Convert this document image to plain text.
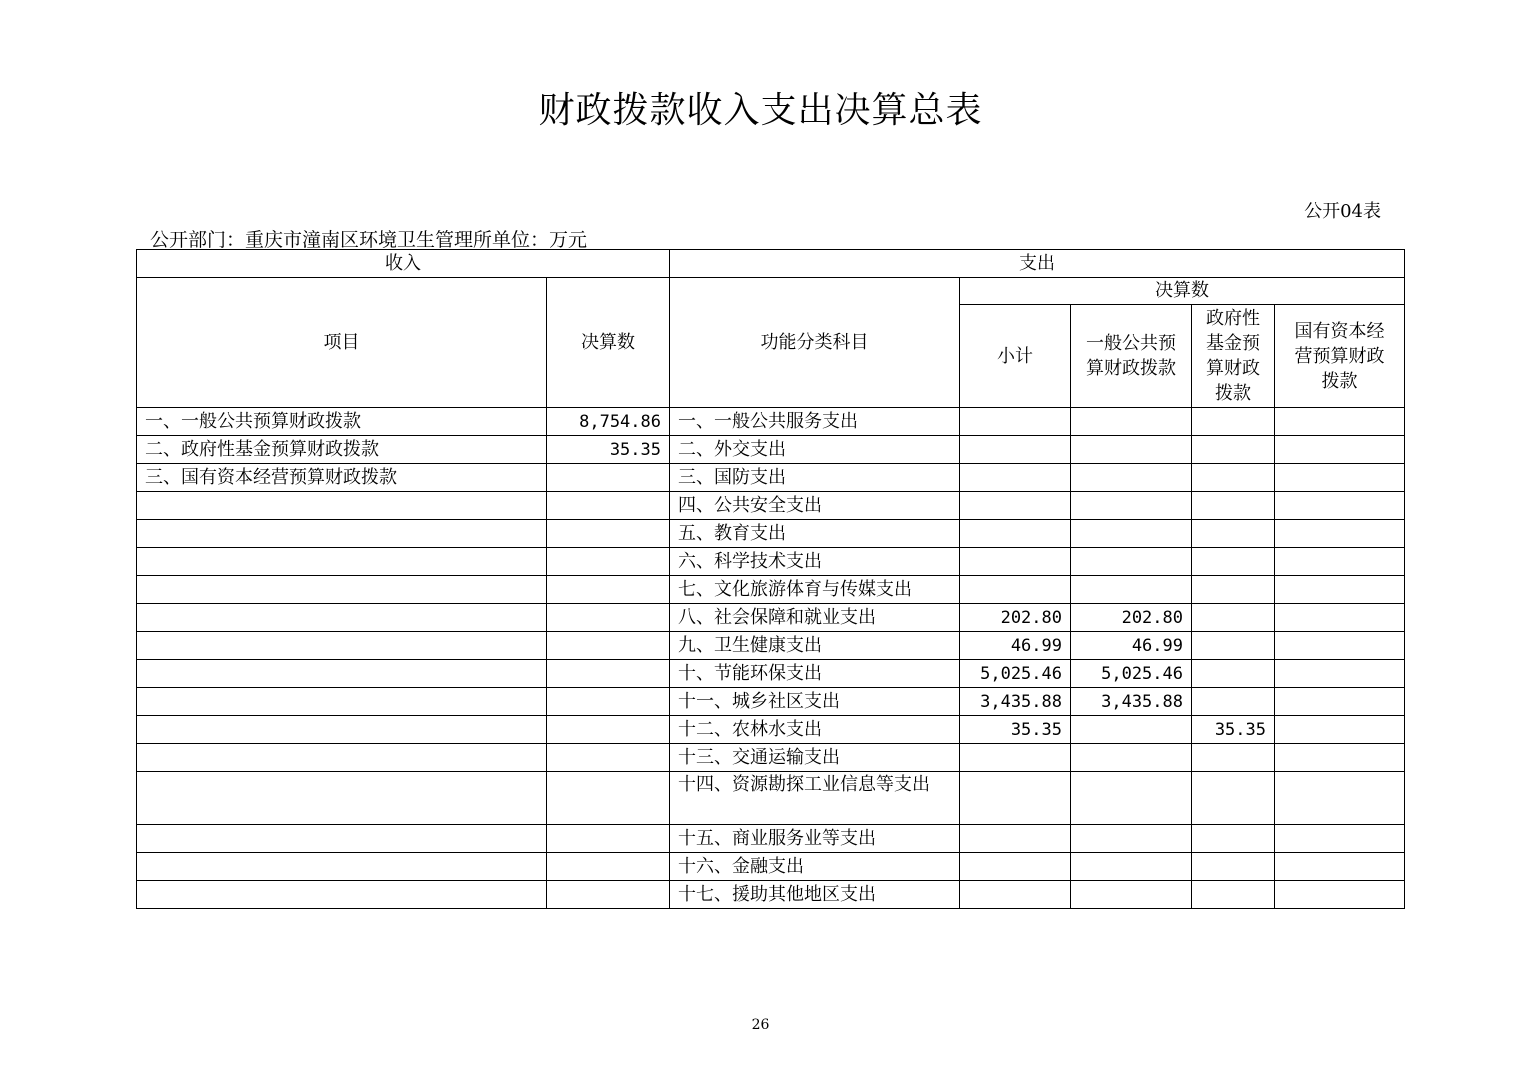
财政拨款收入支出决算总表
公开04表
公开部门：重庆市潼南区环境卫生管理所单位：万元
收入		支出				
项目	决算数	功能分类科目	决算数			
			小计	一般公共预算财政拨款	政府性基金预算财政拨款	国有资本经营预算财政拨款
一、一般公共预算财政拨款	8,754.86	一、一般公共服务支出				
二、政府性基金预算财政拨款	35.35	二、外交支出				
三、国有资本经营预算财政拨款		三、国防支出				
		四、公共安全支出				
		五、教育支出				
		六、科学技术支出				
		七、文化旅游体育与传媒支出				
		八、社会保障和就业支出	202.80	202.80		
		九、卫生健康支出	46.99	46.99		
		十、节能环保支出	5,025.46	5,025.46		
		十一、城乡社区支出	3,435.88	3,435.88		
		十二、农林水支出	35.35		35.35	
		十三、交通运输支出				
		十四、资源勘探工业信息等支出				
		十五、商业服务业等支出				
		十六、金融支出				
		十七、援助其他地区支出				
26
